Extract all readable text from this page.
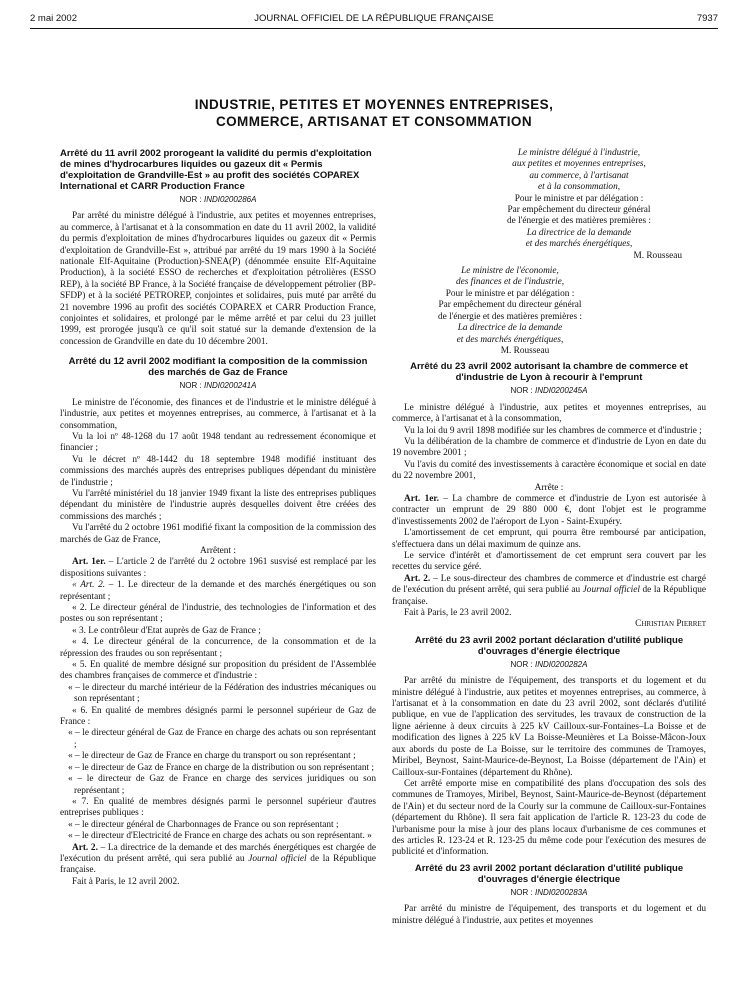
2 mai 2002	JOURNAL OFFICIEL DE LA RÉPUBLIQUE FRANÇAISE	7937
INDUSTRIE, PETITES ET MOYENNES ENTREPRISES,
COMMERCE, ARTISANAT ET CONSOMMATION
Arrêté du 11 avril 2002 prorogeant la validité du permis d'exploitation de mines d'hydrocarbures liquides ou gazeux dit « Permis d'exploitation de Grandville-Est » au profit des sociétés COPAREX International et CARR Production France
NOR : INDI0200286A

Par arrêté du ministre délégué à l'industrie, aux petites et moyennes entreprises, au commerce, à l'artisanat et à la consommation en date du 11 avril 2002, la validité du permis d'exploitation de mines d'hydrocarbures liquides ou gazeux dit « Permis d'exploitation de Grandville-Est », attribué par arrêté du 19 mars 1990 à la Société nationale Elf-Aquitaine (Production)-SNEA(P) (dénommée ensuite Elf-Aquitaine Production), à la société ESSO de recherches et d'exploitation pétrolières (ESSO REP), à la société BP France, à la Société française de développement pétrolier (BP-SFDP) et à la société PETROREP, conjointes et solidaires, puis muté par arrêté du 21 novembre 1996 au profit des sociétés COPAREX et CARR Production France, conjointes et solidaires, et prolongé par le même arrêté et par celui du 23 juillet 1999, est prorogée jusqu'à ce qu'il soit statué sur la demande d'extension de la concession de Grandville en date du 10 décembre 2001.

Arrêté du 12 avril 2002 modifiant la composition de la commission des marchés de Gaz de France
NOR : INDI0200241A

Le ministre de l'économie, des finances et de l'industrie et le ministre délégué à l'industrie, aux petites et moyennes entreprises, au commerce, à l'artisanat et à la consommation,

Vu la loi nº 48-1268 du 17 août 1948 tendant au redressement économique et financier ;

Vu le décret nº 48-1442 du 18 septembre 1948 modifié instituant des commissions des marchés auprès des entreprises publiques dépendant du ministère de l'industrie ;

Vu l'arrêté ministériel du 18 janvier 1949 fixant la liste des entreprises publiques dépendant du ministère de l'industrie auprès desquelles doivent être créées des commissions des marchés ;

Vu l'arrêté du 2 octobre 1961 modifié fixant la composition de la commission des marchés de Gaz de France,

Arrêtent :

Art. 1er. – L'article 2 de l'arrêté du 2 octobre 1961 susvisé est remplacé par les dispositions suivantes :

« Art. 2. – 1. Le directeur de la demande et des marchés énergétiques ou son représentant ;

« 2. Le directeur général de l'industrie, des technologies de l'information et des postes ou son représentant ;

« 3. Le contrôleur d'Etat auprès de Gaz de France ;

« 4. Le directeur général de la concurrence, de la consommation et de la répression des fraudes ou son représentant ;

« 5. En qualité de membre désigné sur proposition du président de l'Assemblée des chambres françaises de commerce et d'industrie :

« – le directeur du marché intérieur de la Fédération des industries mécaniques ou son représentant ;

« 6. En qualité de membres désignés parmi le personnel supérieur de Gaz de France :

« – le directeur général de Gaz de France en charge des achats ou son représentant ;

« – le directeur de Gaz de France en charge du transport ou son représentant ;

« – le directeur de Gaz de France en charge de la distribution ou son représentant ;

« – le directeur de Gaz de France en charge des services juridiques ou son représentant ;

« 7. En qualité de membres désignés parmi le personnel supérieur d'autres entreprises publiques :

« – le directeur général de Charbonnages de France ou son représentant ;

« – le directeur d'Electricité de France en charge des achats ou son représentant. »

Art. 2. – La directrice de la demande et des marchés énergétiques est chargée de l'exécution du présent arrêté, qui sera publié au Journal officiel de la République française.

Fait à Paris, le 12 avril 2002.

Le ministre délégué à l'industrie,
aux petites et moyennes entreprises,
au commerce, à l'artisanat
et à la consommation,
Pour le ministre et par délégation :
Par empêchement du directeur général
de l'énergie et des matières premières :
La directrice de la demande
et des marchés énergétiques,
M. Rousseau
Le ministre de l'économie,
des finances et de l'industrie,
Pour le ministre et par délégation :
Par empêchement du directeur général
de l'énergie et des matières premières :
La directrice de la demande
et des marchés énergétiques,
M. Rousseau
Arrêté du 23 avril 2002 autorisant la chambre de commerce et d'industrie de Lyon à recourir à l'emprunt
NOR : INDI0200245A

Le ministre délégué à l'industrie, aux petites et moyennes entreprises, au commerce, à l'artisanat et à la consommation,

Vu la loi du 9 avril 1898 modifiée sur les chambres de commerce et d'industrie ;

Vu la délibération de la chambre de commerce et d'industrie de Lyon en date du 19 novembre 2001 ;

Vu l'avis du comité des investissements à caractère économique et social en date du 22 novembre 2001,

Arrête :

Art. 1er. – La chambre de commerce et d'industrie de Lyon est autorisée à contracter un emprunt de 29 880 000 €, dont l'objet est le programme d'investissements 2002 de l'aéroport de Lyon - Saint-Exupéry.

L'amortissement de cet emprunt, qui pourra être remboursé par anticipation, s'effectuera dans un délai maximum de quinze ans.

Le service d'intérêt et d'amortissement de cet emprunt sera couvert par les recettes du service géré.

Art. 2. – Le sous-directeur des chambres de commerce et d'industrie est chargé de l'exécution du présent arrêté, qui sera publié au Journal officiel de la République française.

Fait à Paris, le 23 avril 2002.

Christian Pierret

Arrêté du 23 avril 2002 portant déclaration d'utilité publique d'ouvrages d'énergie électrique
NOR : INDI0200282A

Par arrêté du ministre de l'équipement, des transports et du logement et du ministre délégué à l'industrie, aux petites et moyennes entreprises, au commerce, à l'artisanat et à la consommation en date du 23 avril 2002, sont déclarés d'utilité publique, en vue de l'application des servitudes, les travaux de construction de la ligne aérienne à deux circuits à 225 kV Cailloux-sur-Fontaines–La Boisse et de modification des lignes à 225 kV La Boisse-Meunières et La Boisse-Mâcon-Joux aux abords du poste de La Boisse, sur le territoire des communes de Tramoyes, Miribel, Beynost, Saint-Maurice-de-Beynost, La Boisse (département de l'Ain) et Cailloux-sur-Fontaines (département du Rhône).

Cet arrêté emporte mise en compatibilité des plans d'occupation des sols des communes de Tramoyes, Miribel, Beynost, Saint-Maurice-de-Beynost (département de l'Ain) et du secteur nord de la Courly sur la commune de Cailloux-sur-Fontaines (département du Rhône). Il sera fait application de l'article R. 123-23 du code de l'urbanisme pour la mise à jour des plans locaux d'urbanisme de ces communes et des articles R. 123-24 et R. 123-25 du même code pour l'exécution des mesures de publicité et d'information.

Arrêté du 23 avril 2002 portant déclaration d'utilité publique d'ouvrages d'énergie électrique
NOR : INDI0200283A

Par arrêté du ministre de l'équipement, des transports et du logement et du ministre délégué à l'industrie, aux petites et moyennes
